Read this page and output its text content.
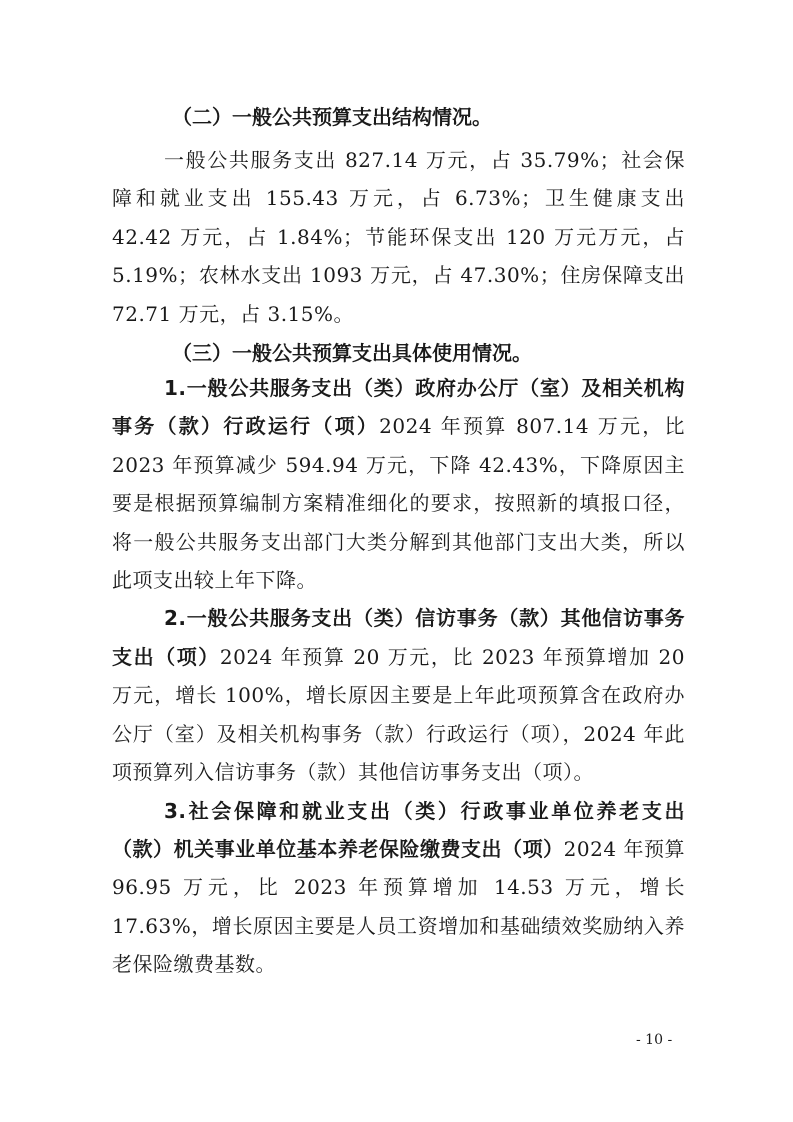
（二）一般公共预算支出结构情况。

一般公共服务支出 827.14 万元，占 35.79%；社会保障和就业支出 155.43 万元，占 6.73%；卫生健康支出 42.42 万元，占 1.84%；节能环保支出 120 万元万元，占 5.19%；农林水支出 1093 万元，占 47.30%；住房保障支出 72.71 万元，占 3.15%。

（三）一般公共预算支出具体使用情况。

1.一般公共服务支出（类）政府办公厅（室）及相关机构事务（款）行政运行（项）2024 年预算 807.14 万元，比 2023 年预算减少 594.94 万元，下降 42.43%，下降原因主要是根据预算编制方案精准细化的要求，按照新的填报口径，将一般公共服务支出部门大类分解到其他部门支出大类，所以此项支出较上年下降。

2.一般公共服务支出（类）信访事务（款）其他信访事务支出（项）2024 年预算 20 万元，比 2023 年预算增加 20 万元，增长 100%，增长原因主要是上年此项预算含在政府办公厅（室）及相关机构事务（款）行政运行（项），2024 年此项预算列入信访事务（款）其他信访事务支出（项）。

3.社会保障和就业支出（类）行政事业单位养老支出（款）机关事业单位基本养老保险缴费支出（项）2024 年预算 96.95 万元，比 2023 年预算增加 14.53 万元，增长 17.63%，增长原因主要是人员工资增加和基础绩效奖励纳入养老保险缴费基数。

- 10 -
